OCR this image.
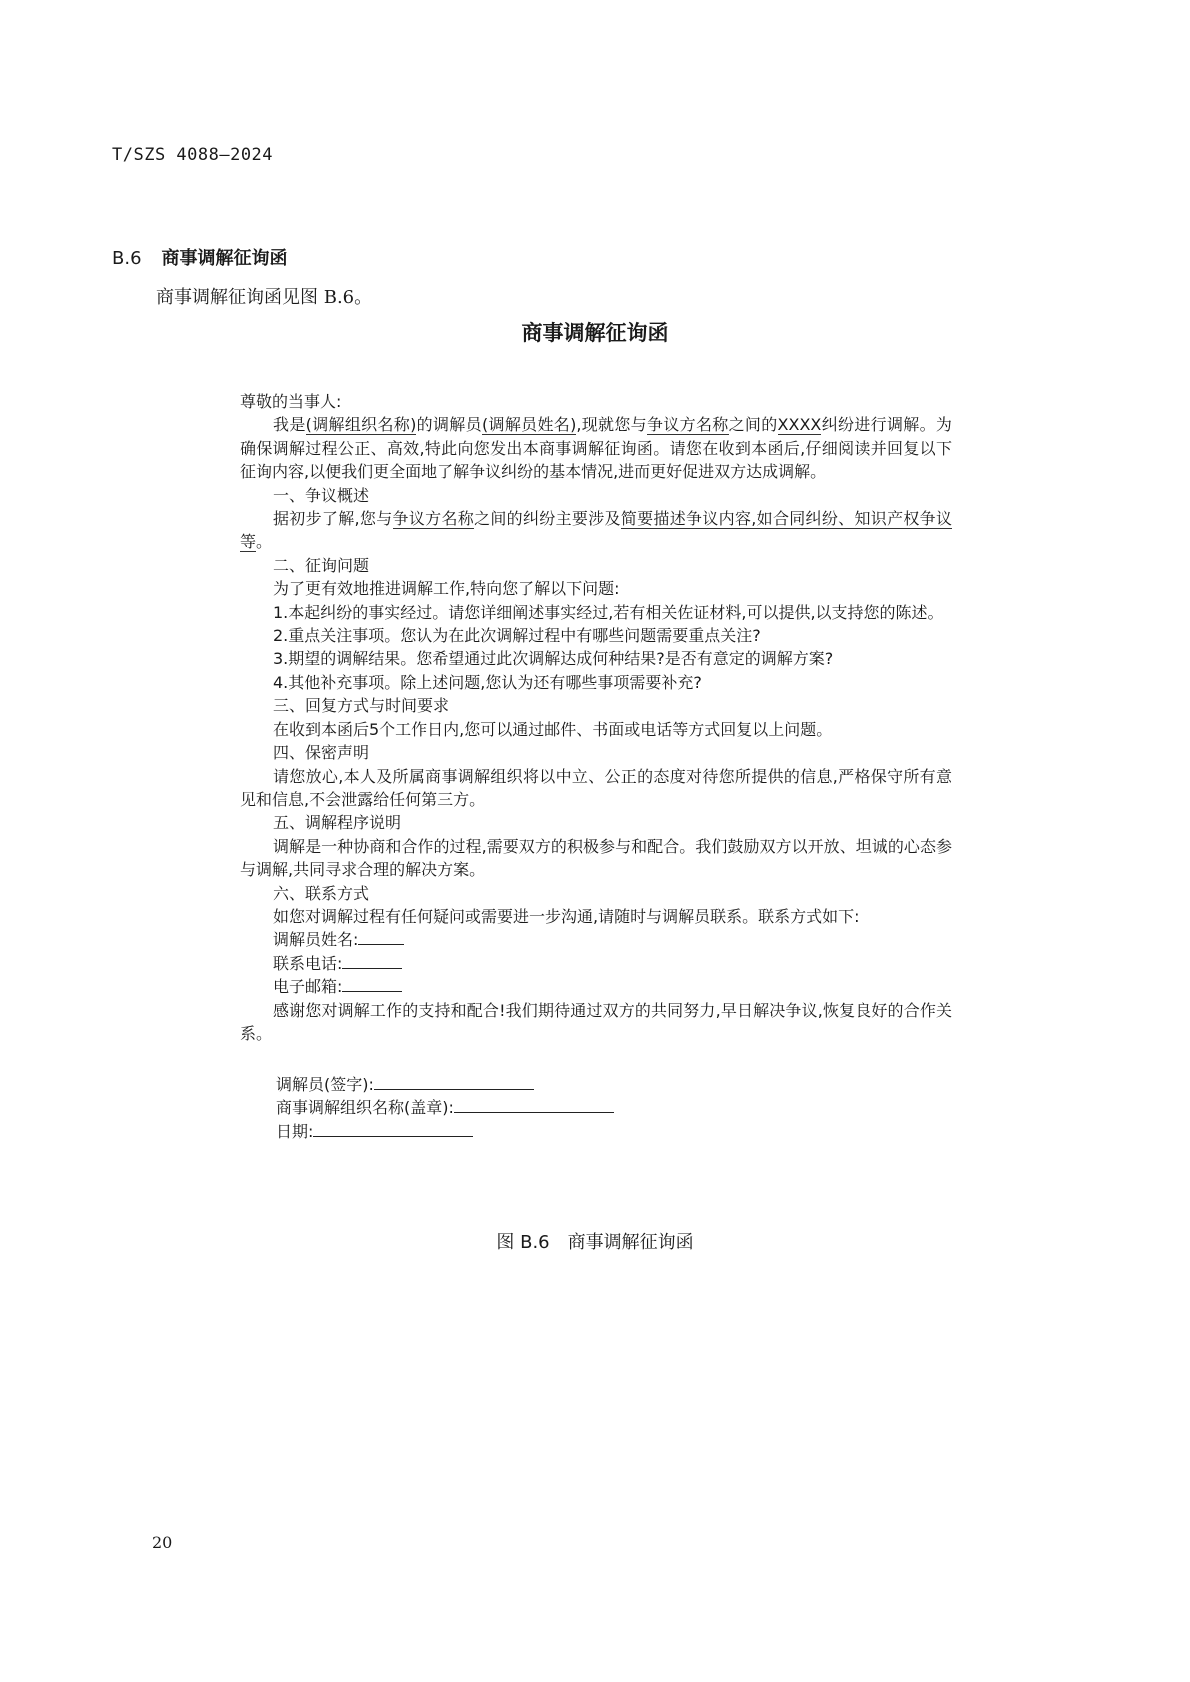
T/SZS 4088—2024
B.6 商事调解征询函
商事调解征询函见图 B.6。
商事调解征询函

尊敬的当事人:

我是(调解组织名称)的调解员(调解员姓名),现就您与争议方名称之间的XXXX纠纷进行调解。为确保调解过程公正、高效,特此向您发出本商事调解征询函。请您在收到本函后,仔细阅读并回复以下征询内容,以便我们更全面地了解争议纠纷的基本情况,进而更好促进双方达成调解。

一、争议概述

据初步了解,您与争议方名称之间的纠纷主要涉及简要描述争议内容,如合同纠纷、知识产权争议等。

二、征询问题

为了更有效地推进调解工作,特向您了解以下问题:

1.本起纠纷的事实经过。请您详细阐述事实经过,若有相关佐证材料,可以提供,以支持您的陈述。

2.重点关注事项。您认为在此次调解过程中有哪些问题需要重点关注?

3.期望的调解结果。您希望通过此次调解达成何种结果?是否有意定的调解方案?

4.其他补充事项。除上述问题,您认为还有哪些事项需要补充?

三、回复方式与时间要求

在收到本函后5个工作日内,您可以通过邮件、书面或电话等方式回复以上问题。

四、保密声明

请您放心,本人及所属商事调解组织将以中立、公正的态度对待您所提供的信息,严格保守所有意见和信息,不会泄露给任何第三方。

五、调解程序说明

调解是一种协商和合作的过程,需要双方的积极参与和配合。我们鼓励双方以开放、坦诚的心态参与调解,共同寻求合理的解决方案。

六、联系方式

如您对调解过程有任何疑问或需要进一步沟通,请随时与调解员联系。联系方式如下:

调解员姓名:

联系电话:

电子邮箱:

感谢您对调解工作的支持和配合!我们期待通过双方的共同努力,早日解决争议,恢复良好的合作关系。

调解员(签字):
商事调解组织名称(盖章):
日期:
图 B.6 商事调解征询函
20
